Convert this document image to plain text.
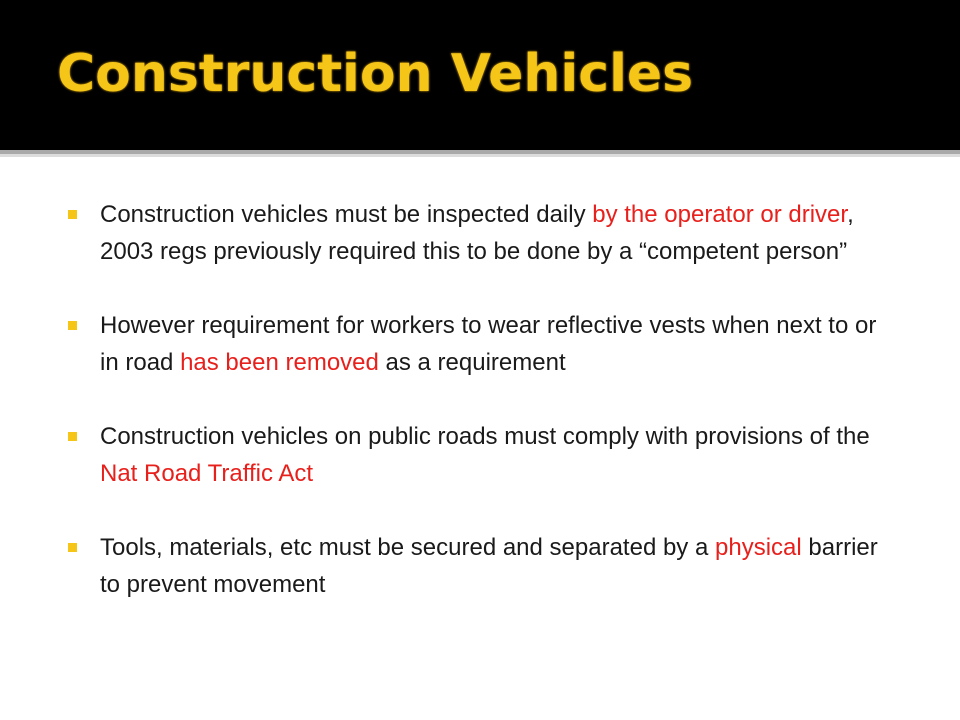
Construction Vehicles
Construction vehicles must be inspected daily by the operator or driver, 2003 regs previously required this to be done by a “competent person”
However requirement for workers to wear reflective vests when next to or in road has been removed as a requirement
Construction vehicles on public roads must comply with provisions of the Nat Road Traffic Act
Tools, materials, etc must be secured and separated by a physical barrier to prevent movement
